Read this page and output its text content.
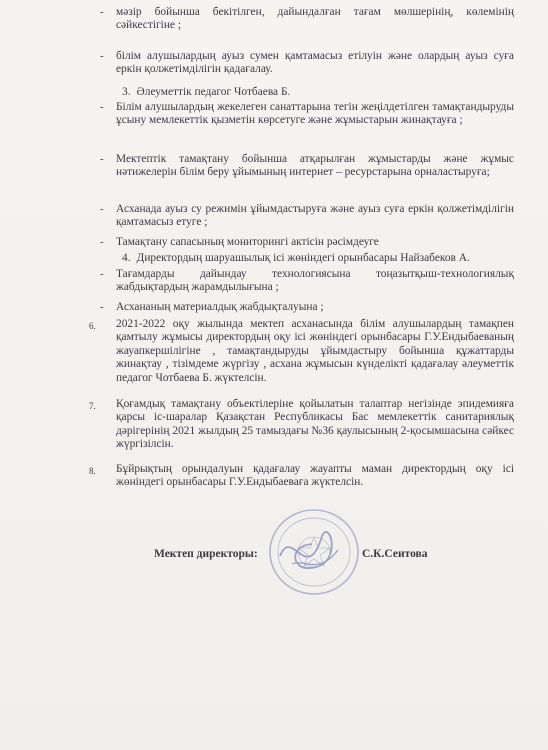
- мәзір бойынша бекітілген, дайындалған тағам мөлшерінің, көлемінің сәйкестігіне ;
- білім алушылардың ауыз сумен қамтамасыз етілуін және олардың ауыз суға еркін қолжетімділігін қадағалау.
3. Әлеуметтік педагог Чотбаева Б.
- Білім алушылардың жекелеген санаттарына тегін жеңілдетілген тамақтандыруды ұсыну мемлекеттік қызметін көрсетуге және жұмыстарын жинақтауға ;
- Мектептік тамақтану бойынша атқарылған жұмыстарды және жұмыс нәтижелерін білім беру ұйымының интернет – ресурстарына орналастыруға;
- Асханада ауыз су режимін ұйымдастыруға және ауыз суға еркін қолжетімділігін қамтамасыз етуге ;
- Тамақтану сапасының мониторингі актісін рәсімдеуге
4. Директордың шаруашылық ісі жөніндегі орынбасары Найзабеков А.
- Тағамдарды дайындау технологиясына тоңазытқыш-технологиялық жабдықтардың жарамдылығына ;
- Асхананың материалдық жабдықталуына ;
6. 2021-2022 оқу жылында мектеп асханасында білім алушылардың тамақпен қамтылу жұмысы директордың оқу ісі жөніндегі орынбасары Г.У.Ендыбаеваның жауапкершілігіне , тамақтандыруды ұйымдастыру бойынша құжаттарды жинақтау , тізімдеме жүргізу , асхана жұмысын күнделікті қадағалау әлеуметтік педагог Чотбаева Б. жүктелсін.
7. Қоғамдық тамақтану объектілеріне қойылатын талаптар негізінде эпидемияға қарсы іс-шаралар Қазақстан Республикасы Бас мемлекеттік санитариялық дәрігерінің 2021 жылдың 25 тамыздағы №36 қаулысының 2-қосымшасына сәйкес жүргізілсін.
8. Бұйрықтың орындалуын қадағалау жауапты маман директордың оқу ісі жөніндегі орынбасары Г.У.Ендыбаеваға жүктелсін.
Мектеп директоры:	С.К.Сеитова
